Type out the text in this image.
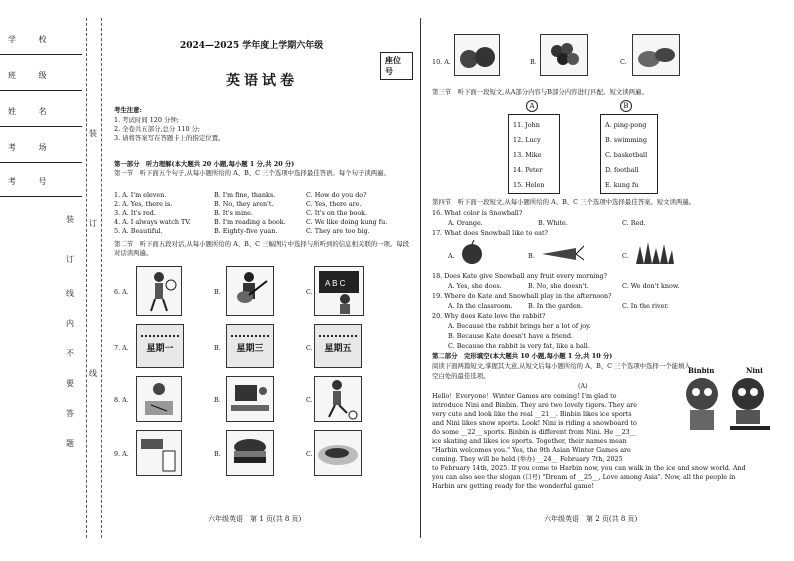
学 校
班 级
姓 名
考 场
考 号
装
订
线
内
不
要
答
题
装
订
线
2024—2025 学年度上学期六年级
座位号
英语试卷
考生注意:
1. 考试时间 120 分钟;
2. 全卷共五部分,总分 110 分;
3. 请将答案写在答题卡上的指定位置。
第一部分　听力理解(本大题共 20 小题,每小题 1 分,共 20 分)
第一节　听下面五个句子,从每小题所给的 A、B、C 三个选项中选择最佳答语。每个句子读两遍。
1. A. I'm eleven.	B. I'm fine, thanks.	C. How do you do?
2. A. Yes, there is.	B. No, they aren't.	C. Yes, there are.
3. A. It's red.	B. It's mine.	C. It's on the book.
4. A. I always watch TV.	B. I'm reading a book.	C. We like doing kung fu.
5. A. Beautiful.	B. Eighty-five yuan.	C. They are too big.
第二节　听下面五段对话,从每小题所给的 A、B、C 三幅图片中选择与所听到的信息相关联的一项。每段对话读两遍。
6. A.	B.	C.
A B C
7. A.	星期一	B.	星期三	C.	星期五
8. A.	B.	C.
9. A.	B.	C.
六年级英语　第 1 页(共 8 页)
10. A.	B.	C.
第三节　听下面一段短文,从A部分内容与B部分内容进行匹配。短文读两遍。
A	B
11. John
12. Lucy
13. Mike
14. Peter
15. Helen
A. ping-pong
B. swimming
C. basketball
D. football
E. kung fu
第四节　听下面一段短文,从每小题所给的 A、B、C 三个选项中选择最佳答案。短文读两遍。
16. What color is Snowball?
A. Orange.	B. White.	C. Red.
17. What does Snowball like to eat?
A.	B.	C.
18. Does Kate give Snowball any fruit every morning?
A. Yes, she does.	B. No, she doesn't.	C. We don't know.
19. Where do Kate and Snowball play in the afternoon?
A. In the classroom. B. In the garden.	C. In the river.
20. Why does Kate love the rabbit?
A. Because the rabbit brings her a lot of joy.
B. Because Kate doesn't have a friend.
C. Because the rabbit is very fat, like a ball.
第二部分　完形填空(本大题共 10 小题,每小题 1 分,共 10 分)
阅读下面两篇短文,掌握其大意,从短文后每小题所给的 A、B、C 三个选项中选择一个能填入
空白处的最佳选项。
(A)
Binbin	Nini
Hello！Everyone！Winter Games are coming! I'm glad to
introduce Nini and Binbin. They are two lovely tigers. They are
very cute and look like the real __21__. Binbin likes ice sports
and Nini likes snow sports. Look! Nini is riding a snowboard to
do some __22__ sports. Binbin is different from Nini. He __23__
ice skating and likes ice sports. Together, their names mean
"Harbin welcomes you." Yes, the 9th Asian Winter Games are
coming. They will be held (举办) __24__ February 7th, 2025
to February 14th, 2025. If you come to Harbin now, you can walk in the ice and snow world. And
you can also see the slogan (口号) "Dream of __25__, Love among Asia". Now, all the people in
Harbin are getting ready for the wonderful game!
六年级英语　第 2 页(共 8 页)
